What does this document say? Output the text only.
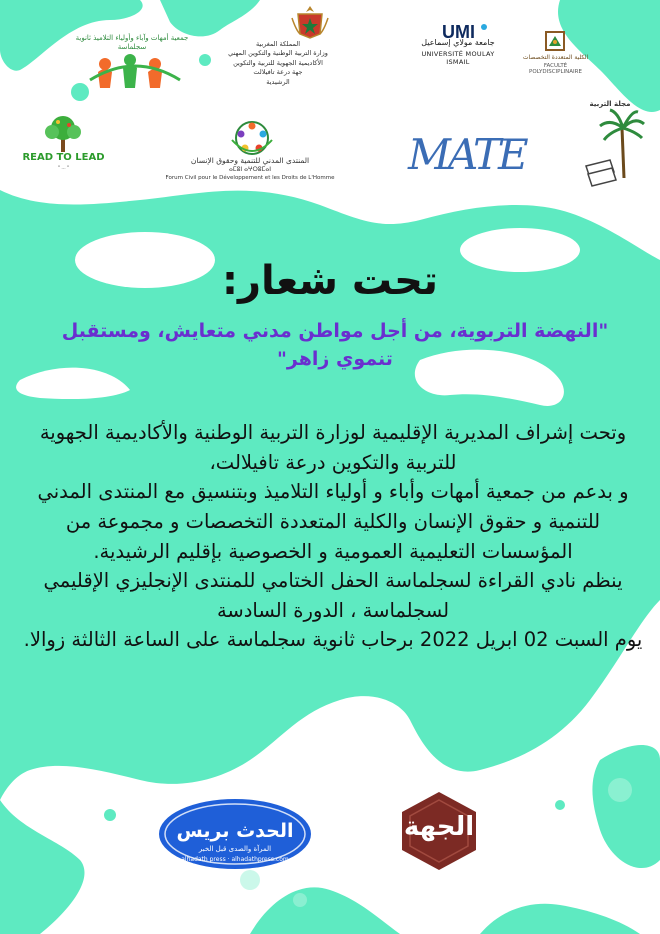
جمعية أمهات وآباء وأولياء التلاميذ ثانوية سجلماسة	المملكة المغربية
وزارة التربية الوطنية والتكوين المهني
الأكاديمية الجهوية للتربية والتكوين
جهة درعة تافيلالت
الرشيدية
UMI
جامعة مولاي إسماعيل
UNIVERSITÉ MOULAY ISMAIL
الكلية المتعددة التخصصات
FACULTÉ POLYDISCIPLINAIRE
READ TO LEAD
" ... "
المنتدى المدني للتنمية وحقوق الإنسان
ⴰⵎⵓⵏ ⴰⵖⵔⵓⵎⴰⵏ
Forum Civil pour le Développement et les Droits de L'Homme MATE
مجلة التربية
تحت شعار:
"النهضة التربوية، من أجل مواطن مدني متعايش، ومستقبل تنموي زاهر"

وتحت إشراف المديرية الإقليمية لوزارة التربية الوطنية والأكاديمية الجهوية للتربية والتكوين درعة تافيلالت،

و بدعم من جمعية أمهات وأباء و أولياء التلاميذ وبتنسيق مع المنتدى المدني للتنمية و حقوق الإنسان والكلية المتعددة التخصصات و مجموعة من المؤسسات التعليمية العمومية و الخصوصية بإقليم الرشيدية.

ينظم نادي القراءة لسجلماسة الحفل الختامي للمنتدى الإنجليزي الإقليمي لسجلماسة ، الدورة السادسة

يوم السبت 02 ابريل 2022 برحاب ثانوية سجلماسة على الساعة الثالثة زوالا.

الحدث بريس
المرآة والصدى قبل الخبر
alhadath press · alhadathpress.com
الجهة
